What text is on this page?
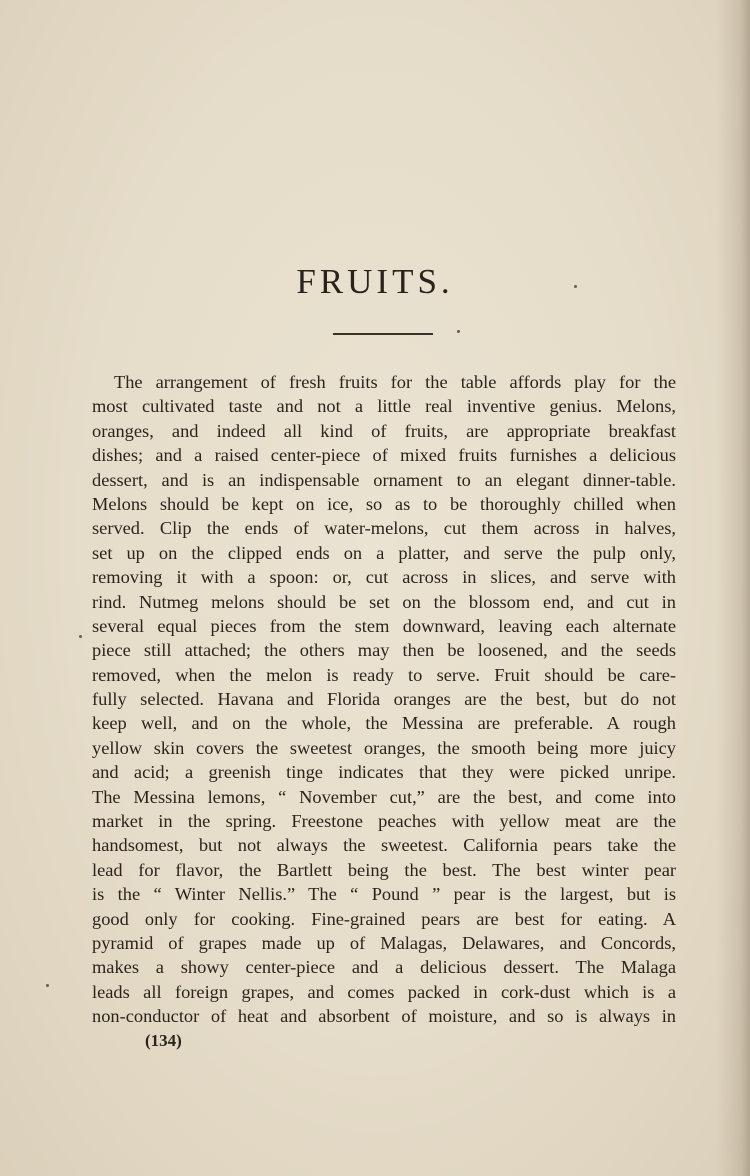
FRUITS.
The arrangement of fresh fruits for the table affords play for the
most cultivated taste and not a little real inventive genius. Melons,
oranges, and indeed all kind of fruits, are appropriate breakfast
dishes; and a raised center-piece of mixed fruits furnishes a delicious
dessert, and is an indispensable ornament to an elegant dinner-table.
Melons should be kept on ice, so as to be thoroughly chilled when
served. Clip the ends of water-melons, cut them across in halves,
set up on the clipped ends on a platter, and serve the pulp only,
removing it with a spoon: or, cut across in slices, and serve with
rind. Nutmeg melons should be set on the blossom end, and cut in
several equal pieces from the stem downward, leaving each alternate
piece still attached; the others may then be loosened, and the seeds
removed, when the melon is ready to serve. Fruit should be care-
fully selected. Havana and Florida oranges are the best, but do not
keep well, and on the whole, the Messina are preferable. A rough
yellow skin covers the sweetest oranges, the smooth being more juicy
and acid; a greenish tinge indicates that they were picked unripe.
The Messina lemons, “ November cut,” are the best, and come into
market in the spring. Freestone peaches with yellow meat are the
handsomest, but not always the sweetest. California pears take the
lead for flavor, the Bartlett being the best. The best winter pear
is the “ Winter Nellis.” The “ Pound ” pear is the largest, but is
good only for cooking. Fine-grained pears are best for eating. A
pyramid of grapes made up of Malagas, Delawares, and Concords,
makes a showy center-piece and a delicious dessert. The Malaga
leads all foreign grapes, and comes packed in cork-dust which is a
non-conductor of heat and absorbent of moisture, and so is always in
(134)
